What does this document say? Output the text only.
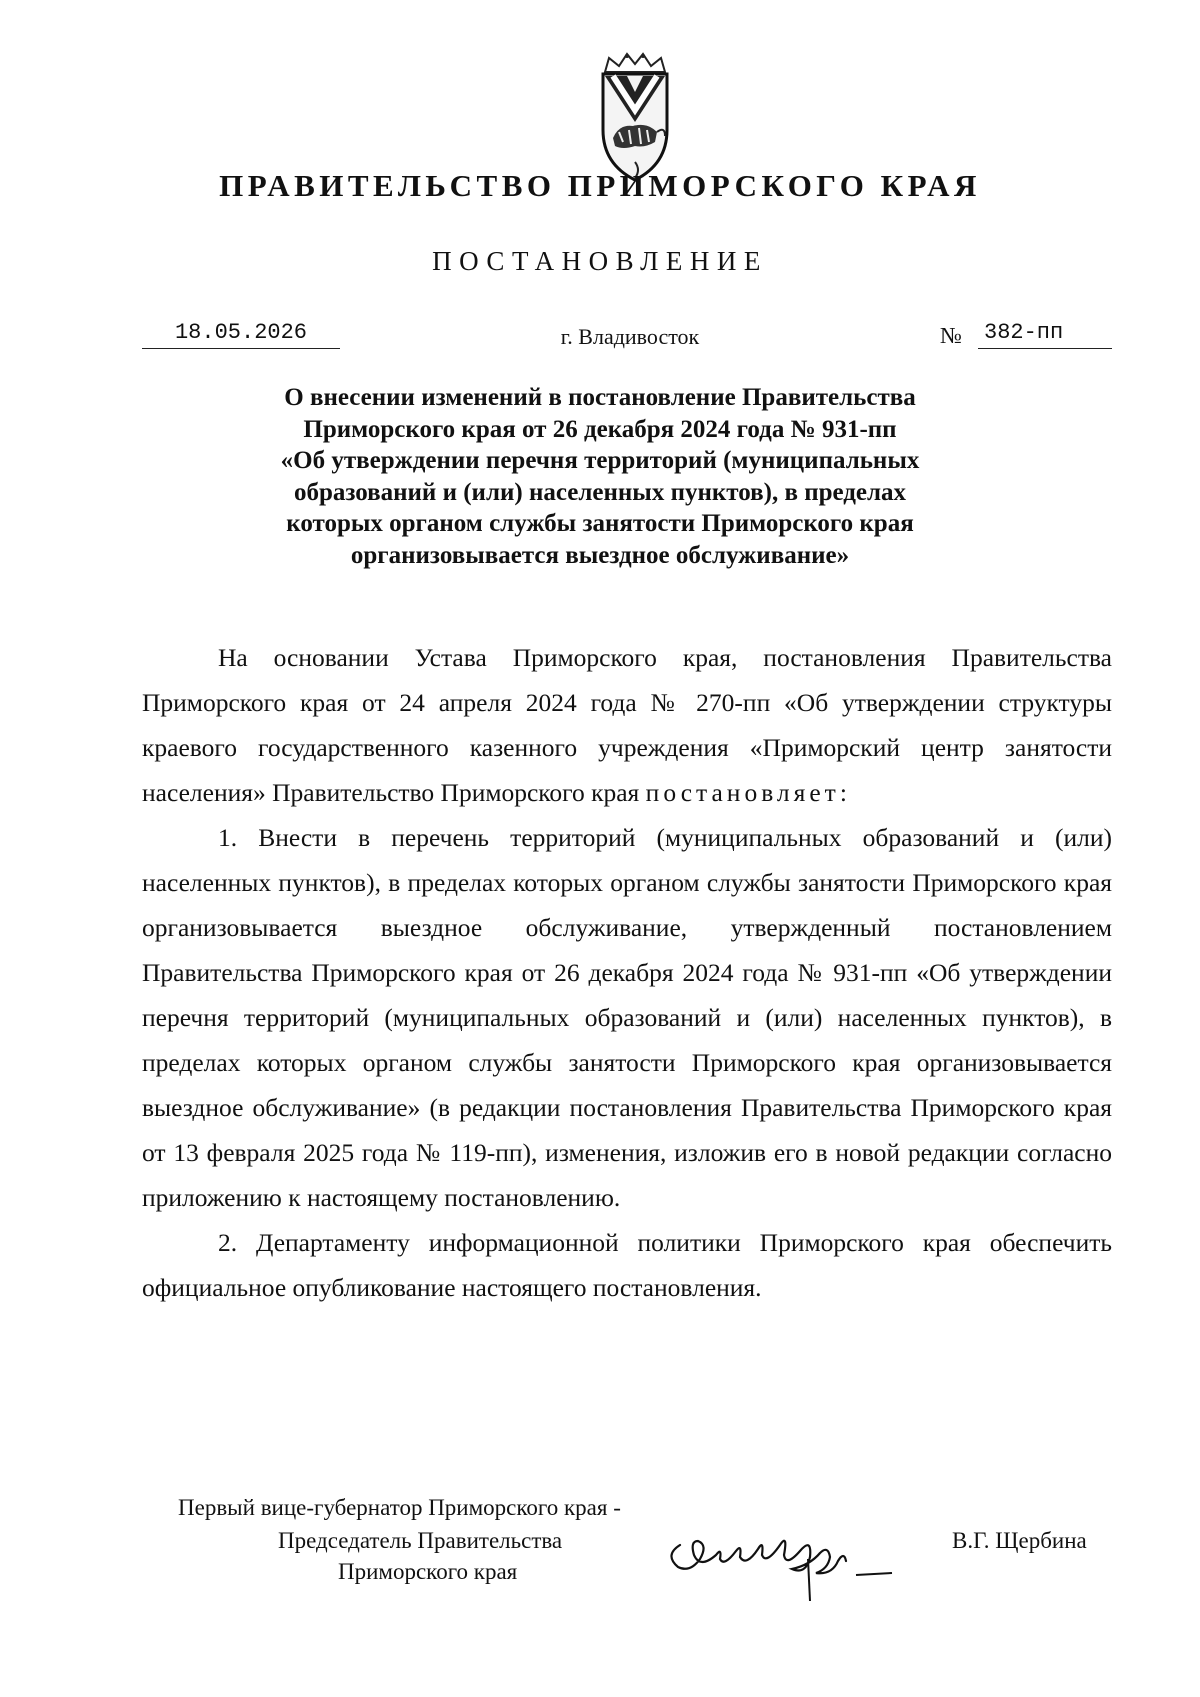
ПРАВИТЕЛЬСТВО ПРИМОРСКОГО КРАЯ
ПОСТАНОВЛЕНИЕ
18.05.2026	г. Владивосток	№ 382-пп
О внесении изменений в постановление Правительства
Приморского края от 26 декабря 2024 года № 931-пп
«Об утверждении перечня территорий (муниципальных
образований и (или) населенных пунктов), в пределах
которых органом службы занятости Приморского края
организовывается выездное обслуживание»

На основании Устава Приморского края, постановления Правительства Приморского края от 24 апреля 2024 года № 270-пп «Об утверждении структуры краевого государственного казенного учреждения «Приморский центр занятости населения» Правительство Приморского края постановляет:

1. Внести в перечень территорий (муниципальных образований и (или) населенных пунктов), в пределах которых органом службы занятости Приморского края организовывается выездное обслуживание, утвержденный постановлением Правительства Приморского края от 26 декабря 2024 года № 931-пп «Об утверждении перечня территорий (муниципальных образований и (или) населенных пунктов), в пределах которых органом службы занятости Приморского края организовывается выездное обслуживание» (в редакции постановления Правительства Приморского края от 13 февраля 2025 года № 119-пп), изменения, изложив его в новой редакции согласно приложению к настоящему постановлению.

2. Департаменту информационной политики Приморского края обеспечить официальное опубликование настоящего постановления.

Первый вице-губернатор Приморского края -
Председатель Правительства
Приморского края
В.Г. Щербина
